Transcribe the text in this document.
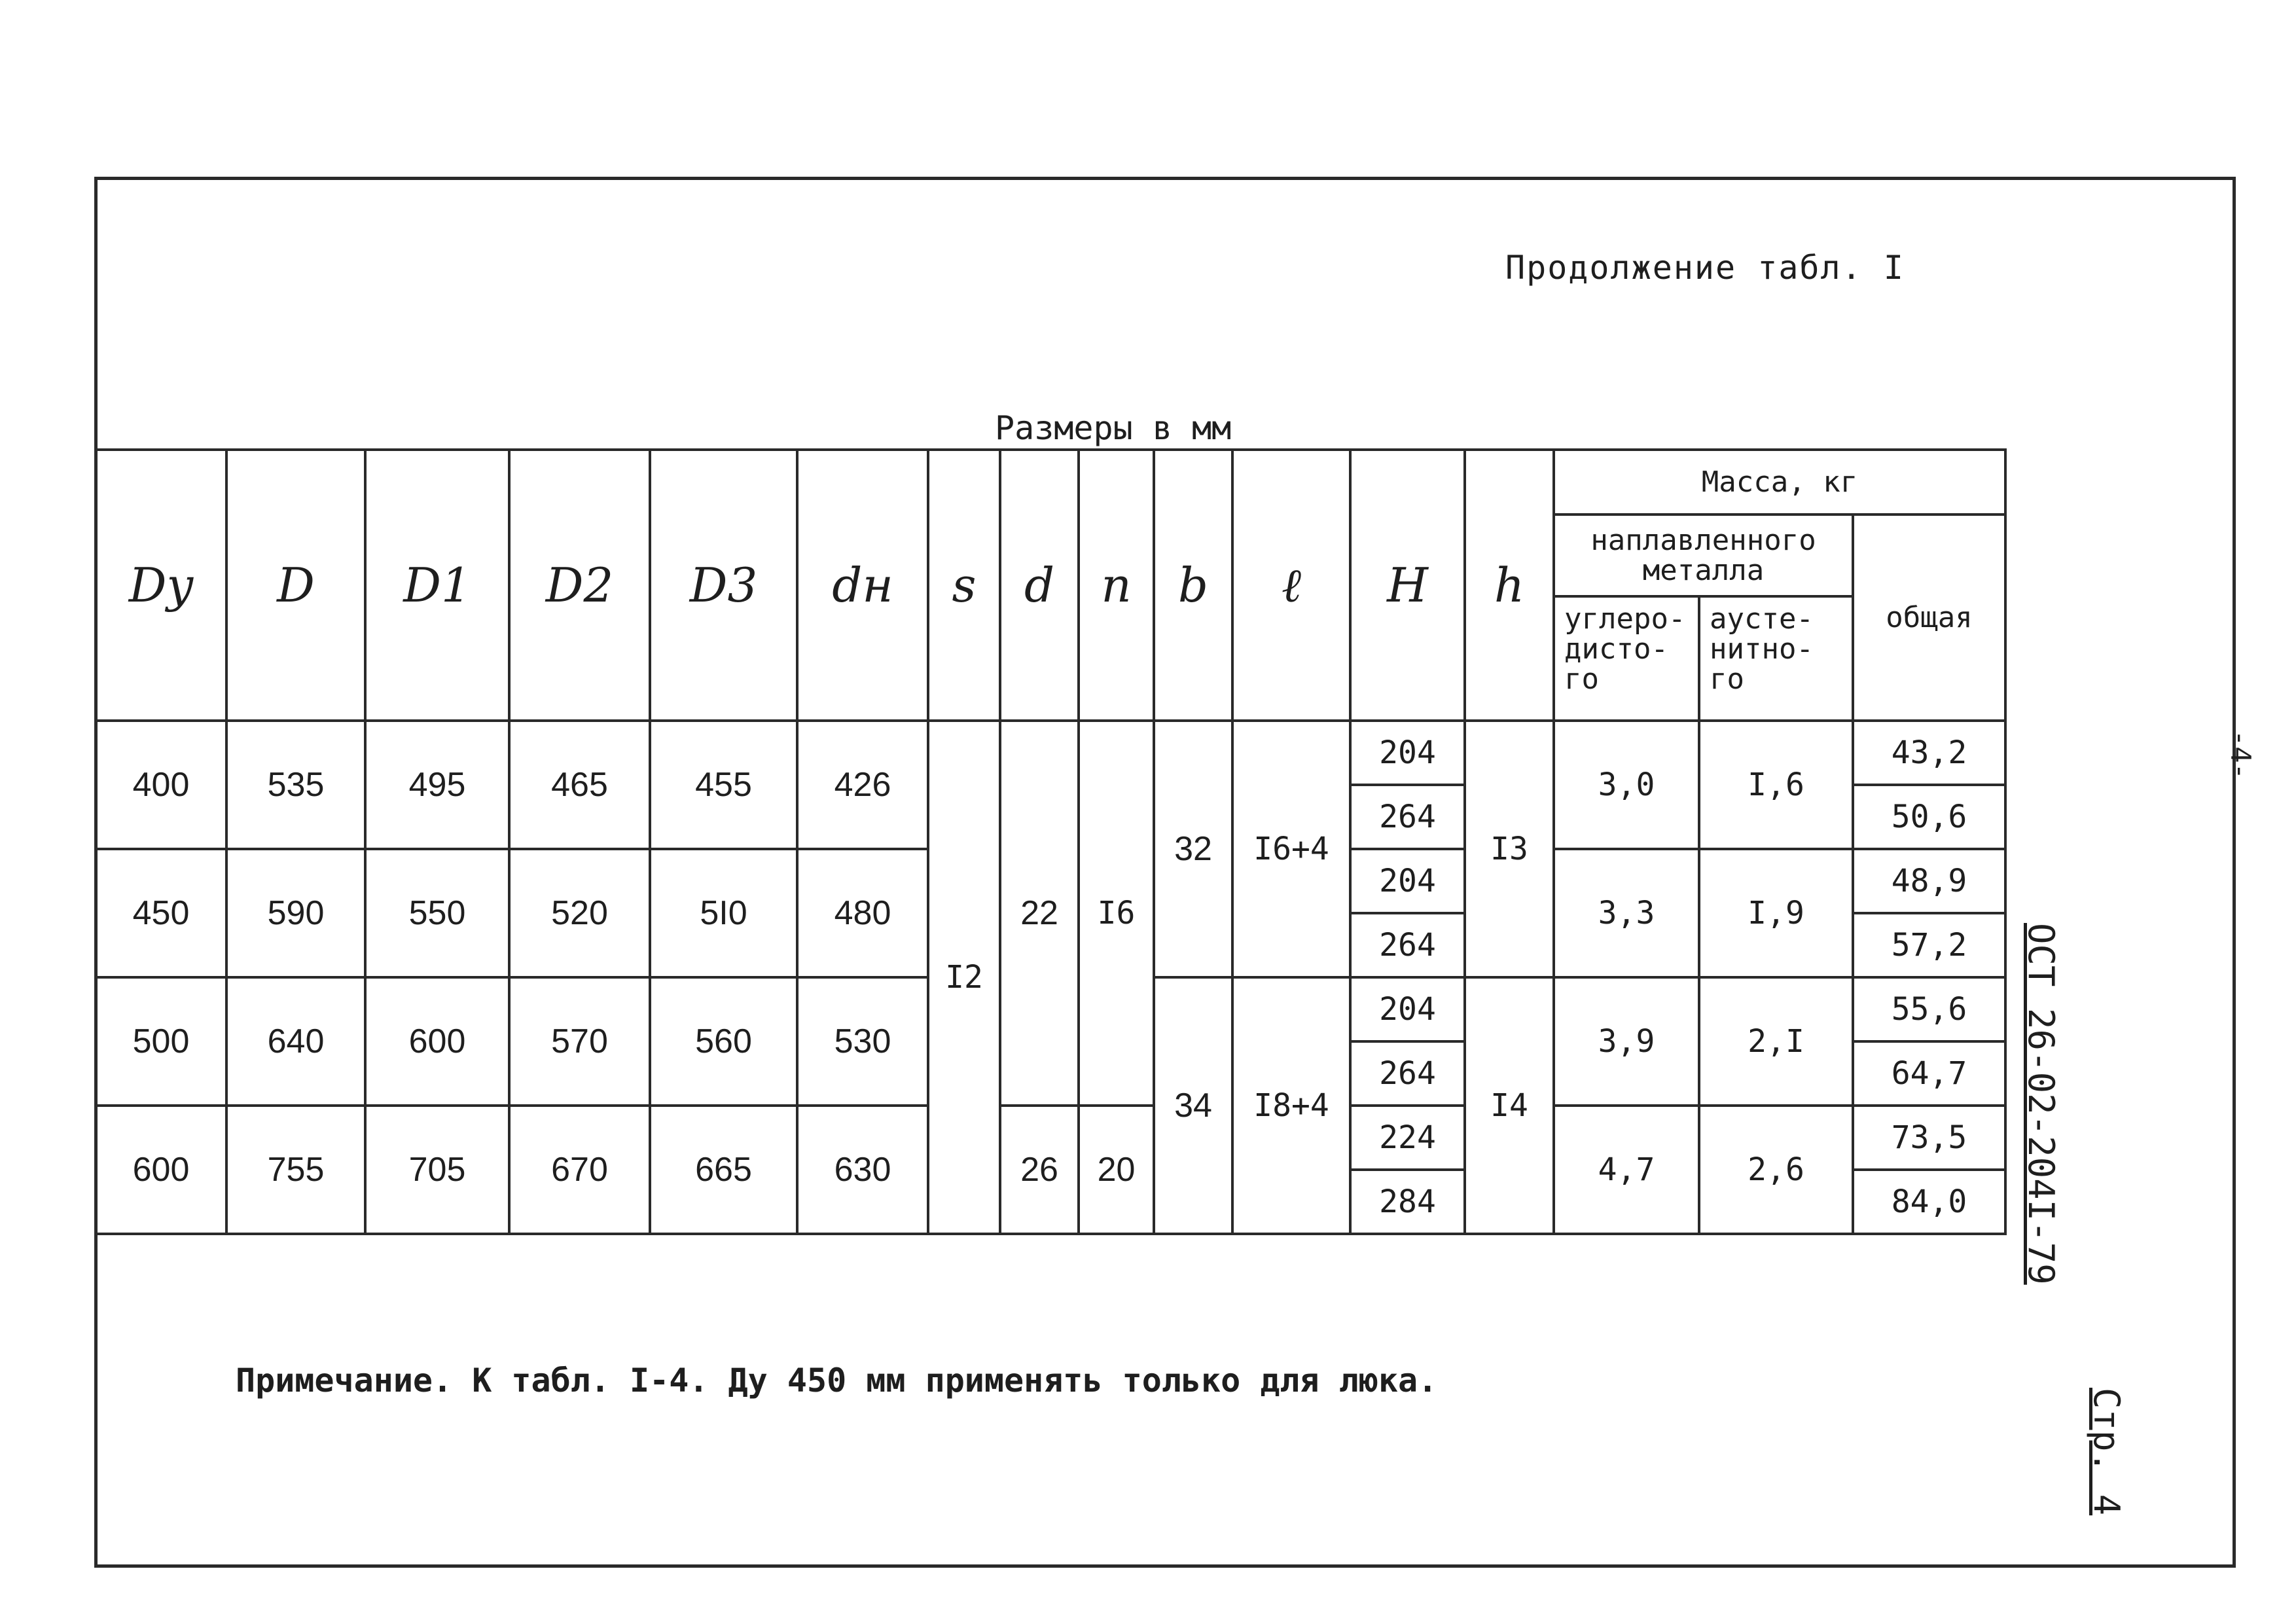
Продолжение табл. I
Размеры в мм
Dy	D	D1	D2	D3	dн	s	d	n	b	ℓ	H	h	Масса, кг		
													наплавленного металла		общая
													углеро- дисто- го	аусте- нитно- го	
400	535	495	465	455	426	I2	22	I6	32	I6+4	204	I3	3,0	I,6	43,2
											264				50,6
450	590	550	520	5I0	480						204		3,3	I,9	48,9
											264				57,2
500	640	600	570	560	530				34	I8+4	204	I4	3,9	2,I	55,6
											264				64,7
600	755	705	670	665	630		26	20			224		4,7	2,6	73,5
											284				84,0
Примечание. К табл. I-4. Ду 450 мм применять только для люка.
ОСТ 26-02-204I-79
Стр. 4
-4-
